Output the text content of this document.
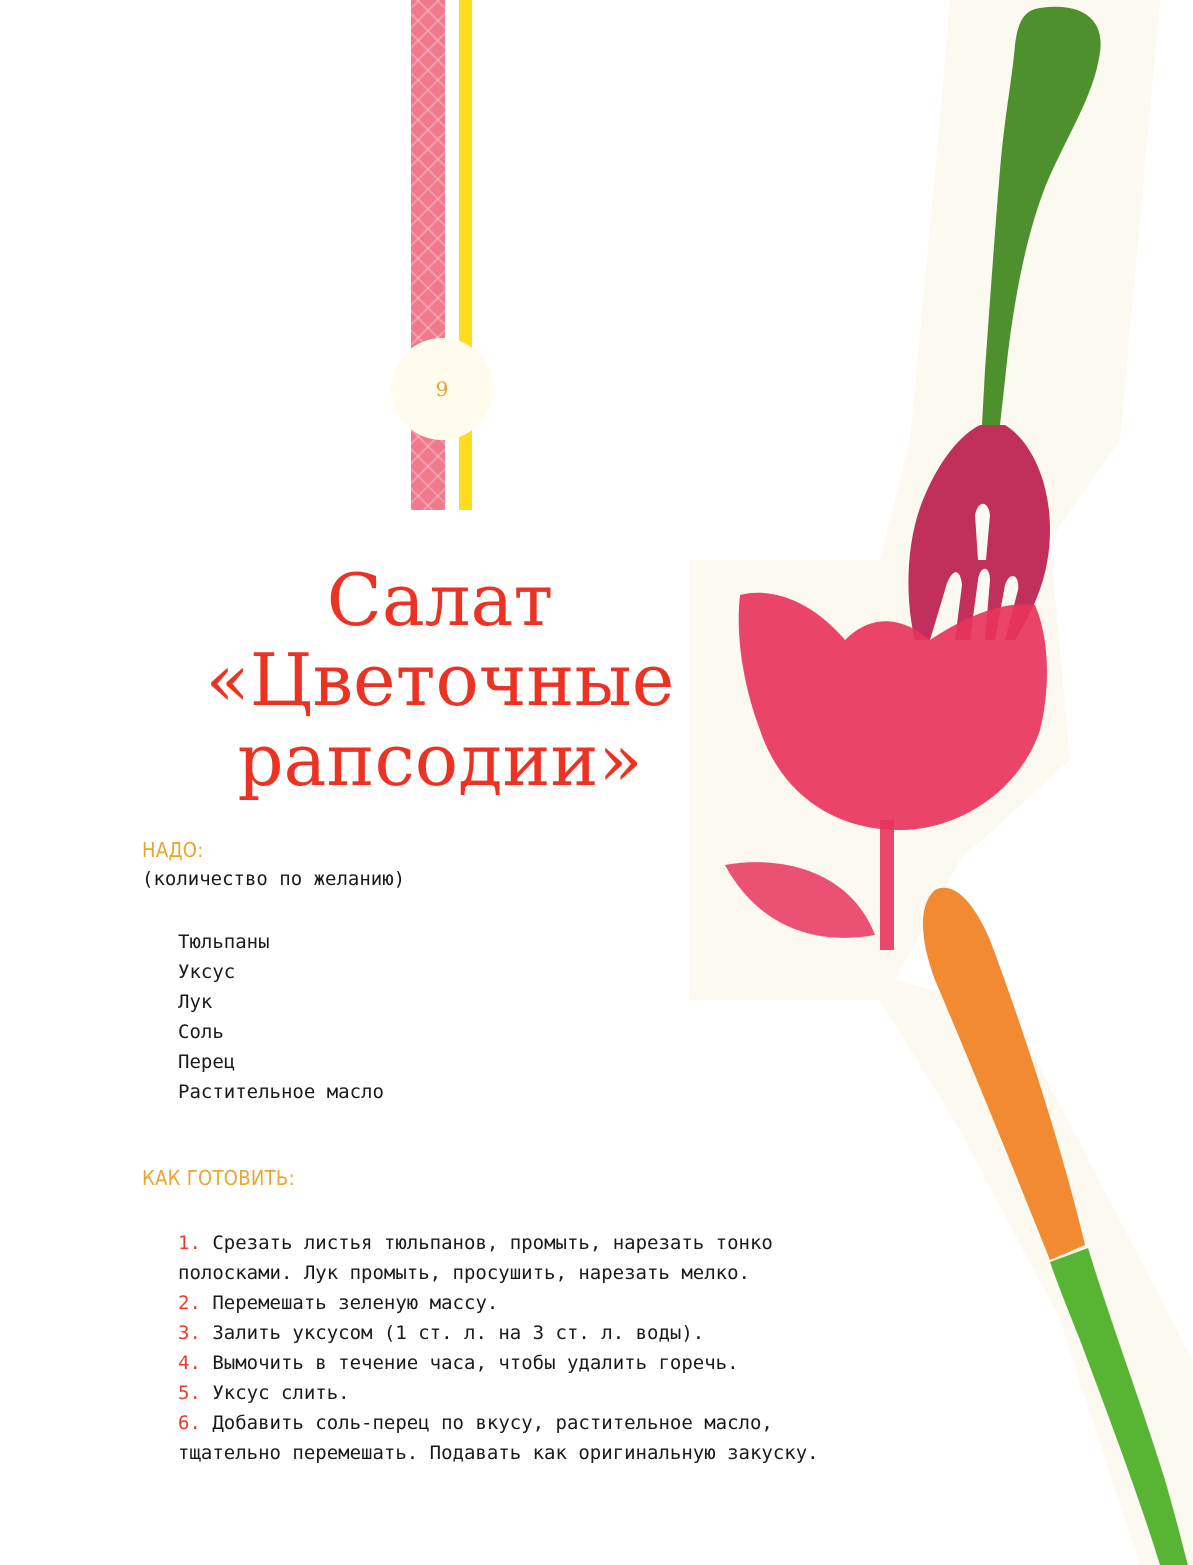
9
Салат
«Цветочные
рапсодии»
НАДО:
(количество по желанию)
Тюльпаны
Уксус
Лук
Соль
Перец
Растительное масло
КАК ГОТОВИТЬ:
1. Срезать листья тюльпанов, промыть, нарезать тонко полосками. Лук промыть, просушить, нарезать мелко.
2. Перемешать зеленую массу.
3. Залить уксусом (1 ст. л. на 3 ст. л. воды).
4. Вымочить в течение часа, чтобы удалить горечь.
5. Уксус слить.
6. Добавить соль-перец по вкусу, растительное масло, тщательно перемешать. Подавать как оригинальную закуску.
